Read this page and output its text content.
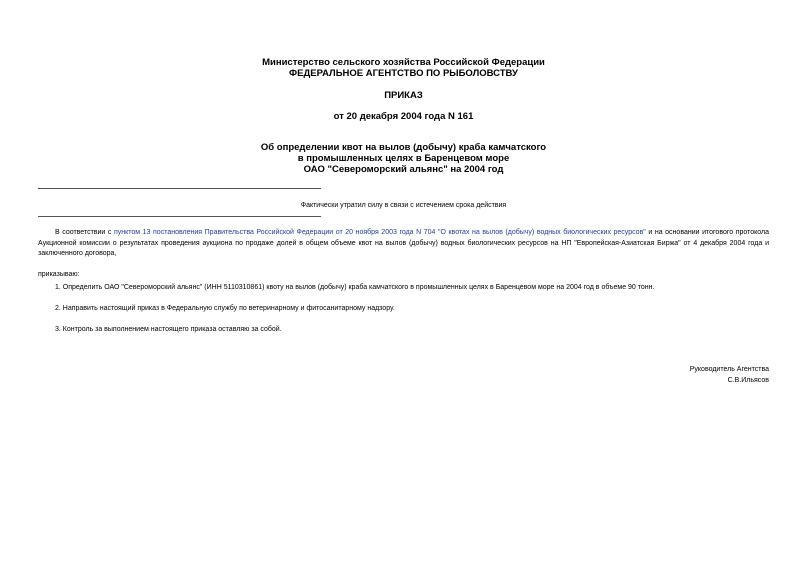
Министерство сельского хозяйства Российской Федерации
ФЕДЕРАЛЬНОЕ АГЕНТСТВО ПО РЫБОЛОВСТВУ
ПРИКАЗ
от 20 декабря 2004 года N 161
Об определении квот на вылов (добычу) краба камчатского
в промышленных целях в Баренцевом море
ОАО "Североморский альянс" на 2004 год
Фактически утратил силу в связи с истечением срока действия
В соответствии с пунктом 13 постановления Правительства Российской Федерации от 20 ноября 2003 года N 704 "О квотах на вылов (добычу) водных биологических ресурсов" и на основании итогового протокола Аукционной комиссии о результатах проведения аукциона по продаже долей в общем объеме квот на вылов (добычу) водных биологических ресурсов на НП "Европейская-Азиатская Биржа" от 4 декабря 2004 года и заключенного договора,
приказываю:
1. Определить ОАО "Североморский альянс" (ИНН 5110310861) квоту на вылов (добычу) краба камчатского в промышленных целях в Баренцевом море на 2004 год в объеме 90 тонн.
2. Направить настоящий приказ в Федеральную службу по ветеринарному и фитосанитарному надзору.
3. Контроль за выполнением настоящего приказа оставляю за собой.
Руководитель Агентства
С.В.Ильясов
